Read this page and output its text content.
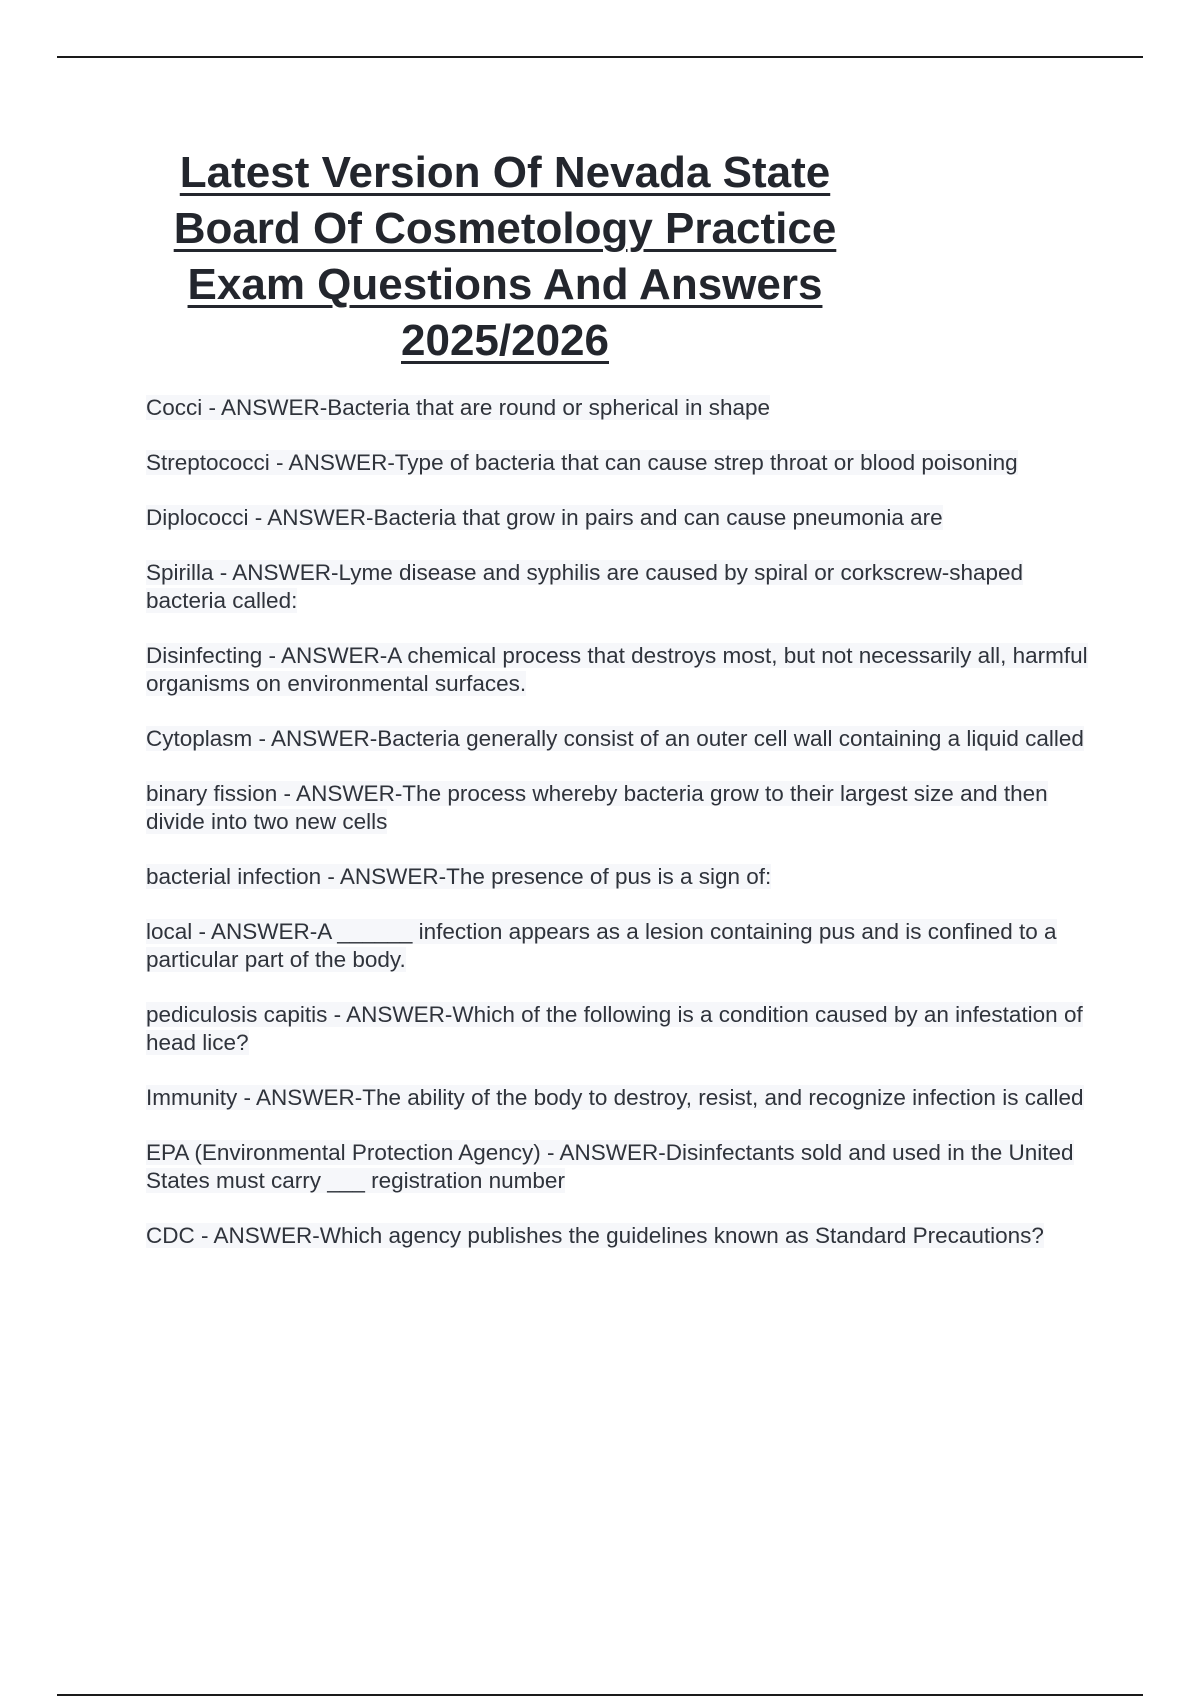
Latest Version Of Nevada State Board Of Cosmetology Practice Exam Questions And Answers 2025/2026
Cocci - ANSWER-Bacteria that are round or spherical in shape
Streptococci - ANSWER-Type of bacteria that can cause strep throat or blood poisoning
Diplococci - ANSWER-Bacteria that grow in pairs and can cause pneumonia are
Spirilla - ANSWER-Lyme disease and syphilis are caused by spiral or corkscrew-shaped bacteria called:
Disinfecting - ANSWER-A chemical process that destroys most, but not necessarily all, harmful organisms on environmental surfaces.
Cytoplasm - ANSWER-Bacteria generally consist of an outer cell wall containing a liquid called
binary fission - ANSWER-The process whereby bacteria grow to their largest size and then divide into two new cells
bacterial infection - ANSWER-The presence of pus is a sign of:
local - ANSWER-A ______ infection appears as a lesion containing pus and is confined to a particular part of the body.
pediculosis capitis - ANSWER-Which of the following is a condition caused by an infestation of head lice?
Immunity - ANSWER-The ability of the body to destroy, resist, and recognize infection is called
EPA (Environmental Protection Agency) - ANSWER-Disinfectants sold and used in the United States must carry ___ registration number
CDC - ANSWER-Which agency publishes the guidelines known as Standard Precautions?
